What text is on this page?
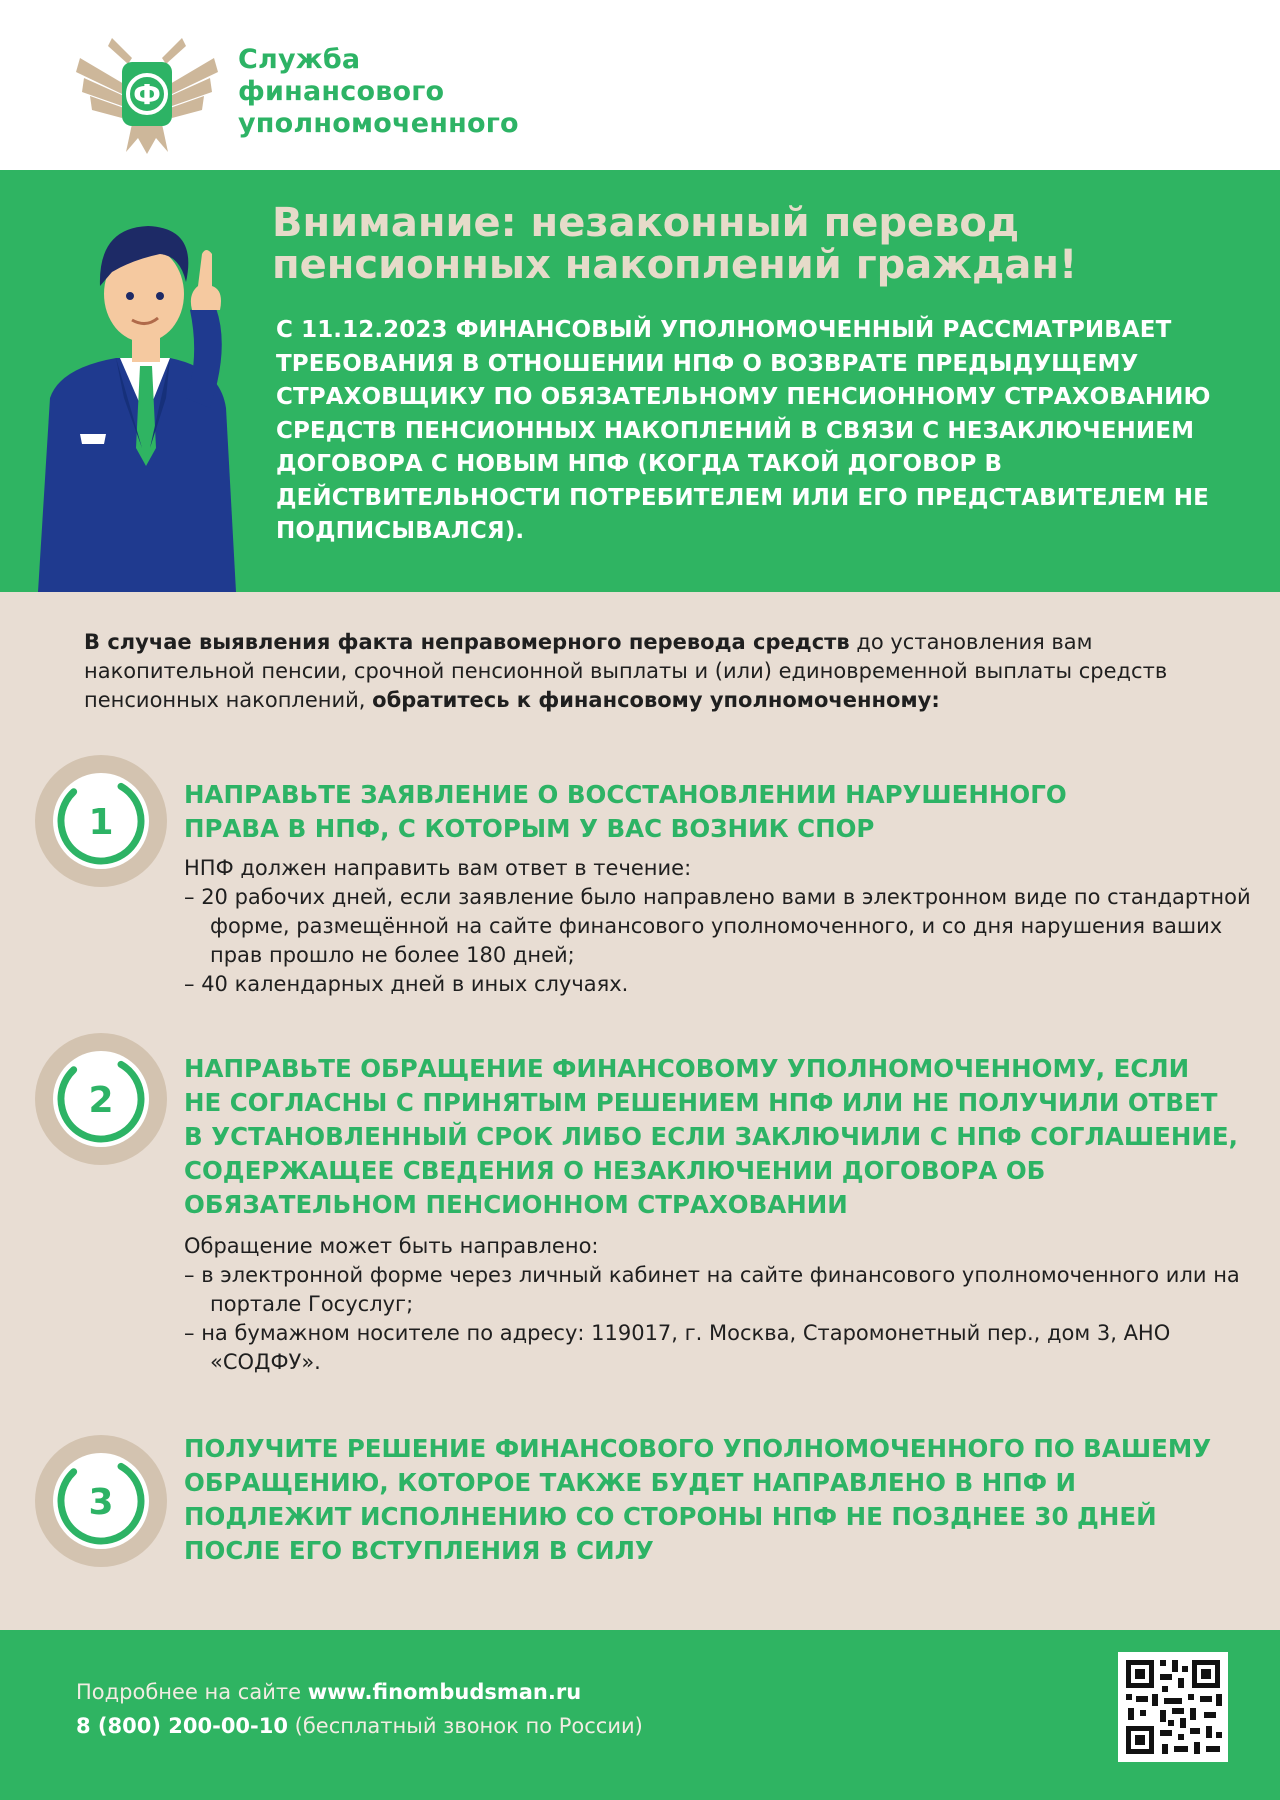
Ф
Служба
финансового
уполномоченного
Внимание: незаконный перевод
пенсионных накоплений граждан!

С 11.12.2023 ФИНАНСОВЫЙ УПОЛНОМОЧЕННЫЙ РАССМАТРИВАЕТ ТРЕБОВАНИЯ В ОТНОШЕНИИ НПФ О ВОЗВРАТЕ ПРЕДЫДУЩЕМУ СТРАХОВЩИКУ ПО ОБЯЗАТЕЛЬНОМУ ПЕНСИОННОМУ СТРАХОВАНИЮ СРЕДСТВ ПЕНСИОННЫХ НАКОПЛЕНИЙ В СВЯЗИ С НЕЗАКЛЮЧЕНИЕМ ДОГОВОРА С НОВЫМ НПФ (КОГДА ТАКОЙ ДОГОВОР В ДЕЙСТВИТЕЛЬНОСТИ ПОТРЕБИТЕЛЕМ ИЛИ ЕГО ПРЕДСТАВИТЕЛЕМ НЕ ПОДПИСЫВАЛСЯ).

В случае выявления факта неправомерного перевода средств до установления вам накопительной пенсии, срочной пенсионной выплаты и (или) единовременной выплаты средств пенсионных накоплений, обратитесь к финансовому уполномоченному:

1
НАПРАВЬТЕ ЗАЯВЛЕНИЕ О ВОССТАНОВЛЕНИИ НАРУШЕННОГО
ПРАВА В НПФ, С КОТОРЫМ У ВАС ВОЗНИК СПОР
НПФ должен направить вам ответ в течение:
– 20 рабочих дней, если заявление было направлено вами в электронном виде по стандартной форме, размещённой на сайте финансового уполномоченного, и со дня нарушения ваших прав прошло не более 180 дней;
– 40 календарных дней в иных случаях.
2
НАПРАВЬТЕ ОБРАЩЕНИЕ ФИНАНСОВОМУ УПОЛНОМОЧЕННОМУ, ЕСЛИ
НЕ СОГЛАСНЫ С ПРИНЯТЫМ РЕШЕНИЕМ НПФ ИЛИ НЕ ПОЛУЧИЛИ ОТВЕТ
В УСТАНОВЛЕННЫЙ СРОК ЛИБО ЕСЛИ ЗАКЛЮЧИЛИ С НПФ СОГЛАШЕНИЕ,
СОДЕРЖАЩЕЕ СВЕДЕНИЯ О НЕЗАКЛЮЧЕНИИ ДОГОВОРА ОБ
ОБЯЗАТЕЛЬНОМ ПЕНСИОННОМ СТРАХОВАНИИ
Обращение может быть направлено:
– в электронной форме через личный кабинет на сайте финансового уполномоченного или на портале Госуслуг;
– на бумажном носителе по адресу: 119017, г. Москва, Старомонетный пер., дом 3, АНО «СОДФУ».
3
ПОЛУЧИТЕ РЕШЕНИЕ ФИНАНСОВОГО УПОЛНОМОЧЕННОГО ПО ВАШЕМУ
ОБРАЩЕНИЮ, КОТОРОЕ ТАКЖЕ БУДЕТ НАПРАВЛЕНО В НПФ И
ПОДЛЕЖИТ ИСПОЛНЕНИЮ СО СТОРОНЫ НПФ НЕ ПОЗДНЕЕ 30 ДНЕЙ
ПОСЛЕ ЕГО ВСТУПЛЕНИЯ В СИЛУ
Подробнее на сайте www.finombudsman.ru
8 (800) 200-00-10 (бесплатный звонок по России)
